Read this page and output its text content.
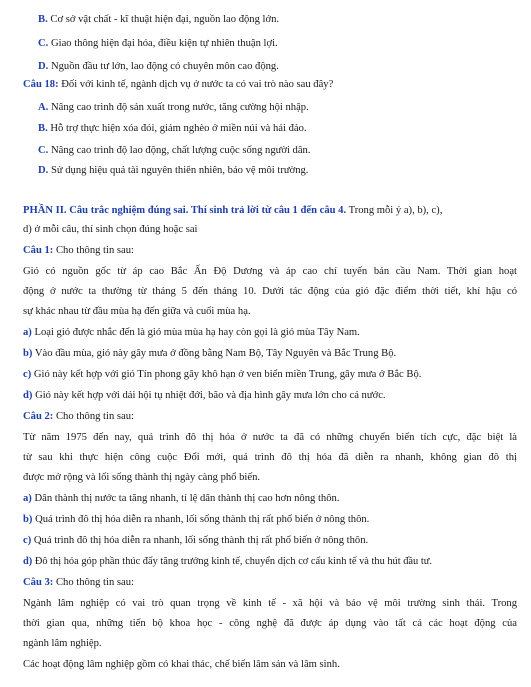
B. Cơ sở vật chất - kĩ thuật hiện đại, nguồn lao động lớn.
C. Giao thông hiện đại hóa, điều kiện tự nhiên thuận lợi.
D. Nguồn đầu tư lớn, lao động có chuyên môn cao động.
Câu 18: Đối với kinh tế, ngành dịch vụ ở nước ta có vai trò nào sau đây?
A. Nâng cao trình độ sản xuất trong nước, tăng cường hội nhập.
B. Hỗ trợ thực hiện xóa đói, giảm nghèo ở miền núi và hải đảo.
C. Nâng cao trình độ lao động, chất lượng cuộc sống người dân.
D. Sử dụng hiệu quả tài nguyên thiên nhiên, bảo vệ môi trường.
PHẦN II. Câu trắc nghiệm đúng sai. Thí sinh trả lời từ câu 1 đến câu 4. Trong mỗi ý a), b), c),
d) ở mỗi câu, thí sinh chọn đúng hoặc sai
Câu 1: Cho thông tin sau:
Gió có nguồn gốc từ áp cao Bắc Ấn Độ Dương và áp cao chí tuyến bán cầu Nam. Thời gian hoạt
động ở nước ta thường từ tháng 5 đến tháng 10. Dưới tác động của gió đặc điểm thời tiết, khí hậu có
sự khác nhau từ đầu mùa hạ đến giữa và cuối mùa hạ.
a) Loại gió được nhắc đến là gió mùa mùa hạ hay còn gọi là gió mùa Tây Nam.
b) Vào đầu mùa, gió này gây mưa ở đồng bằng Nam Bộ, Tây Nguyên và Bắc Trung Bộ.
c) Gió này kết hợp với gió Tín phong gây khô hạn ở ven biển miền Trung, gây mưa ở Bắc Bộ.
d) Gió này kết hợp với dải hội tụ nhiệt đới, bão và địa hình gây mưa lớn cho cả nước.
Câu 2: Cho thông tin sau:
Từ năm 1975 đến nay, quá trình đô thị hóa ở nước ta đã có những chuyển biến tích cực, đặc biệt là
từ sau khi thực hiện công cuộc Đổi mới, quá trình đô thị hóa đã diễn ra nhanh, không gian đô thị
được mở rộng và lối sống thành thị ngày càng phổ biến.
a) Dân thành thị nước ta tăng nhanh, tỉ lệ dân thành thị cao hơn nông thôn.
b) Quá trình đô thị hóa diễn ra nhanh, lối sống thành thị rất phổ biến ở nông thôn.
c) Quá trình đô thị hóa diễn ra nhanh, lối sống thành thị rất phổ biến ở nông thôn.
d) Đô thị hóa góp phần thúc đẩy tăng trưởng kinh tế, chuyển dịch cơ cấu kinh tế và thu hút đầu tư.
Câu 3: Cho thông tin sau:
Ngành lâm nghiệp có vai trò quan trọng về kinh tế - xã hội và bảo vệ môi trường sinh thái. Trong
thời gian qua, những tiến bộ khoa học - công nghệ đã được áp dụng vào tất cả các hoạt động của
ngành lâm nghiệp.
Các hoạt động lâm nghiệp gồm có khai thác, chế biến lâm sản và lâm sinh.
